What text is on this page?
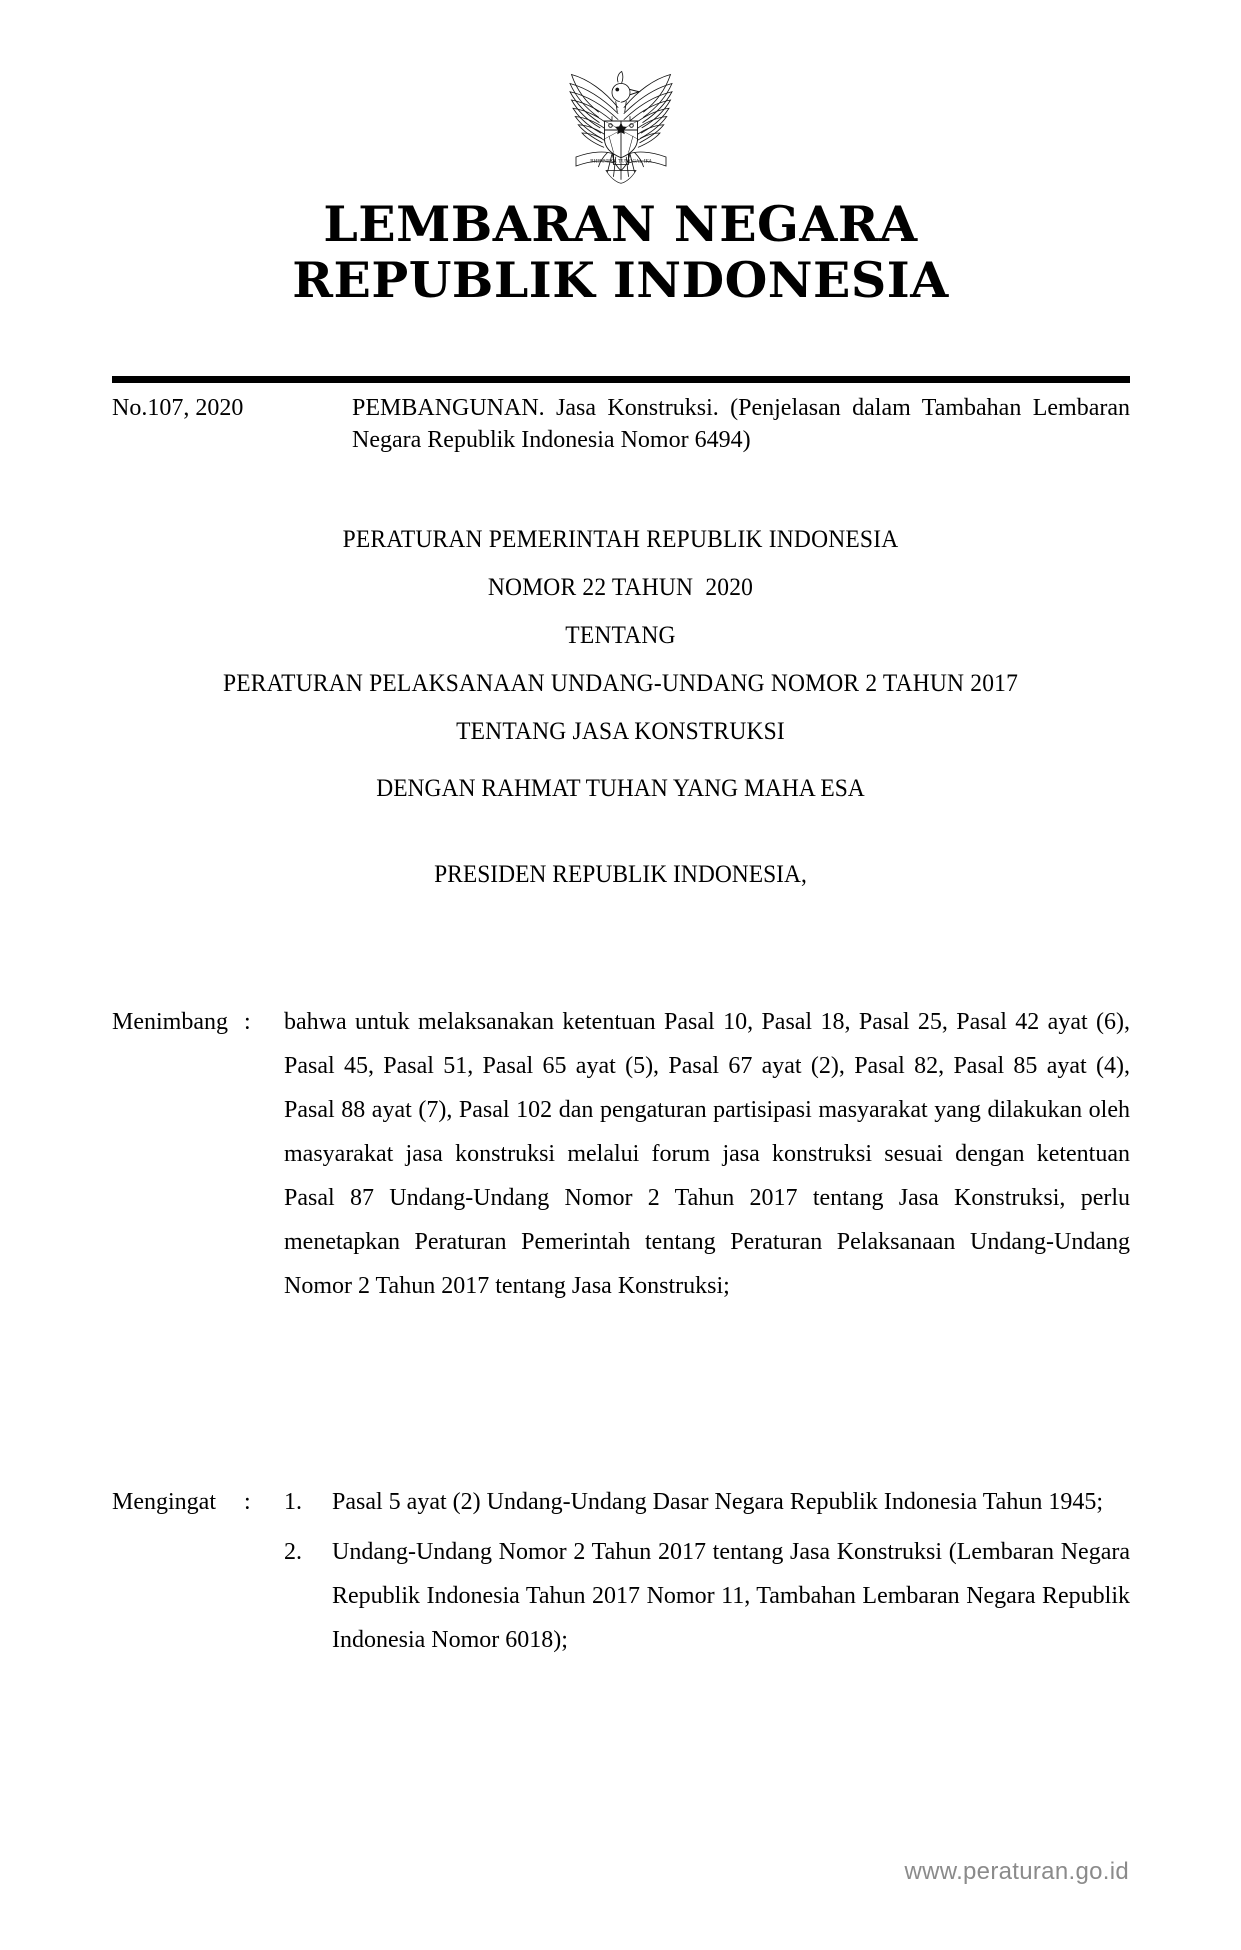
BHINNEKA TUNGGAL IKA
LEMBARAN NEGARA
REPUBLIK INDONESIA
No.107, 2020	PEMBANGUNAN. Jasa Konstruksi. (Penjelasan dalam Tambahan Lembaran Negara Republik Indonesia Nomor 6494)
PERATURAN PEMERINTAH REPUBLIK INDONESIA
NOMOR 22 TAHUN  2020
TENTANG
PERATURAN PELAKSANAAN UNDANG-UNDANG NOMOR 2 TAHUN 2017
TENTANG JASA KONSTRUKSI
DENGAN RAHMAT TUHAN YANG MAHA ESA
PRESIDEN REPUBLIK INDONESIA,
Menimbang :	bahwa untuk melaksanakan ketentuan Pasal 10, Pasal 18, Pasal 25, Pasal 42 ayat (6), Pasal 45, Pasal 51, Pasal 65 ayat (5), Pasal 67 ayat (2), Pasal 82, Pasal 85 ayat (4), Pasal 88 ayat (7), Pasal 102 dan pengaturan partisipasi masyarakat yang dilakukan oleh masyarakat jasa konstruksi melalui forum jasa konstruksi sesuai dengan ketentuan Pasal 87 Undang-Undang Nomor 2 Tahun 2017 tentang Jasa Konstruksi, perlu menetapkan Peraturan Pemerintah tentang Peraturan Pelaksanaan Undang-Undang Nomor 2 Tahun 2017 tentang Jasa Konstruksi;
Mengingat	:	1.	Pasal 5 ayat (2) Undang-Undang Dasar Negara Republik Indonesia Tahun 1945;
2.	Undang-Undang Nomor 2 Tahun 2017 tentang Jasa Konstruksi (Lembaran Negara Republik Indonesia Tahun 2017 Nomor 11, Tambahan Lembaran Negara Republik Indonesia Nomor 6018);
www.peraturan.go.id
